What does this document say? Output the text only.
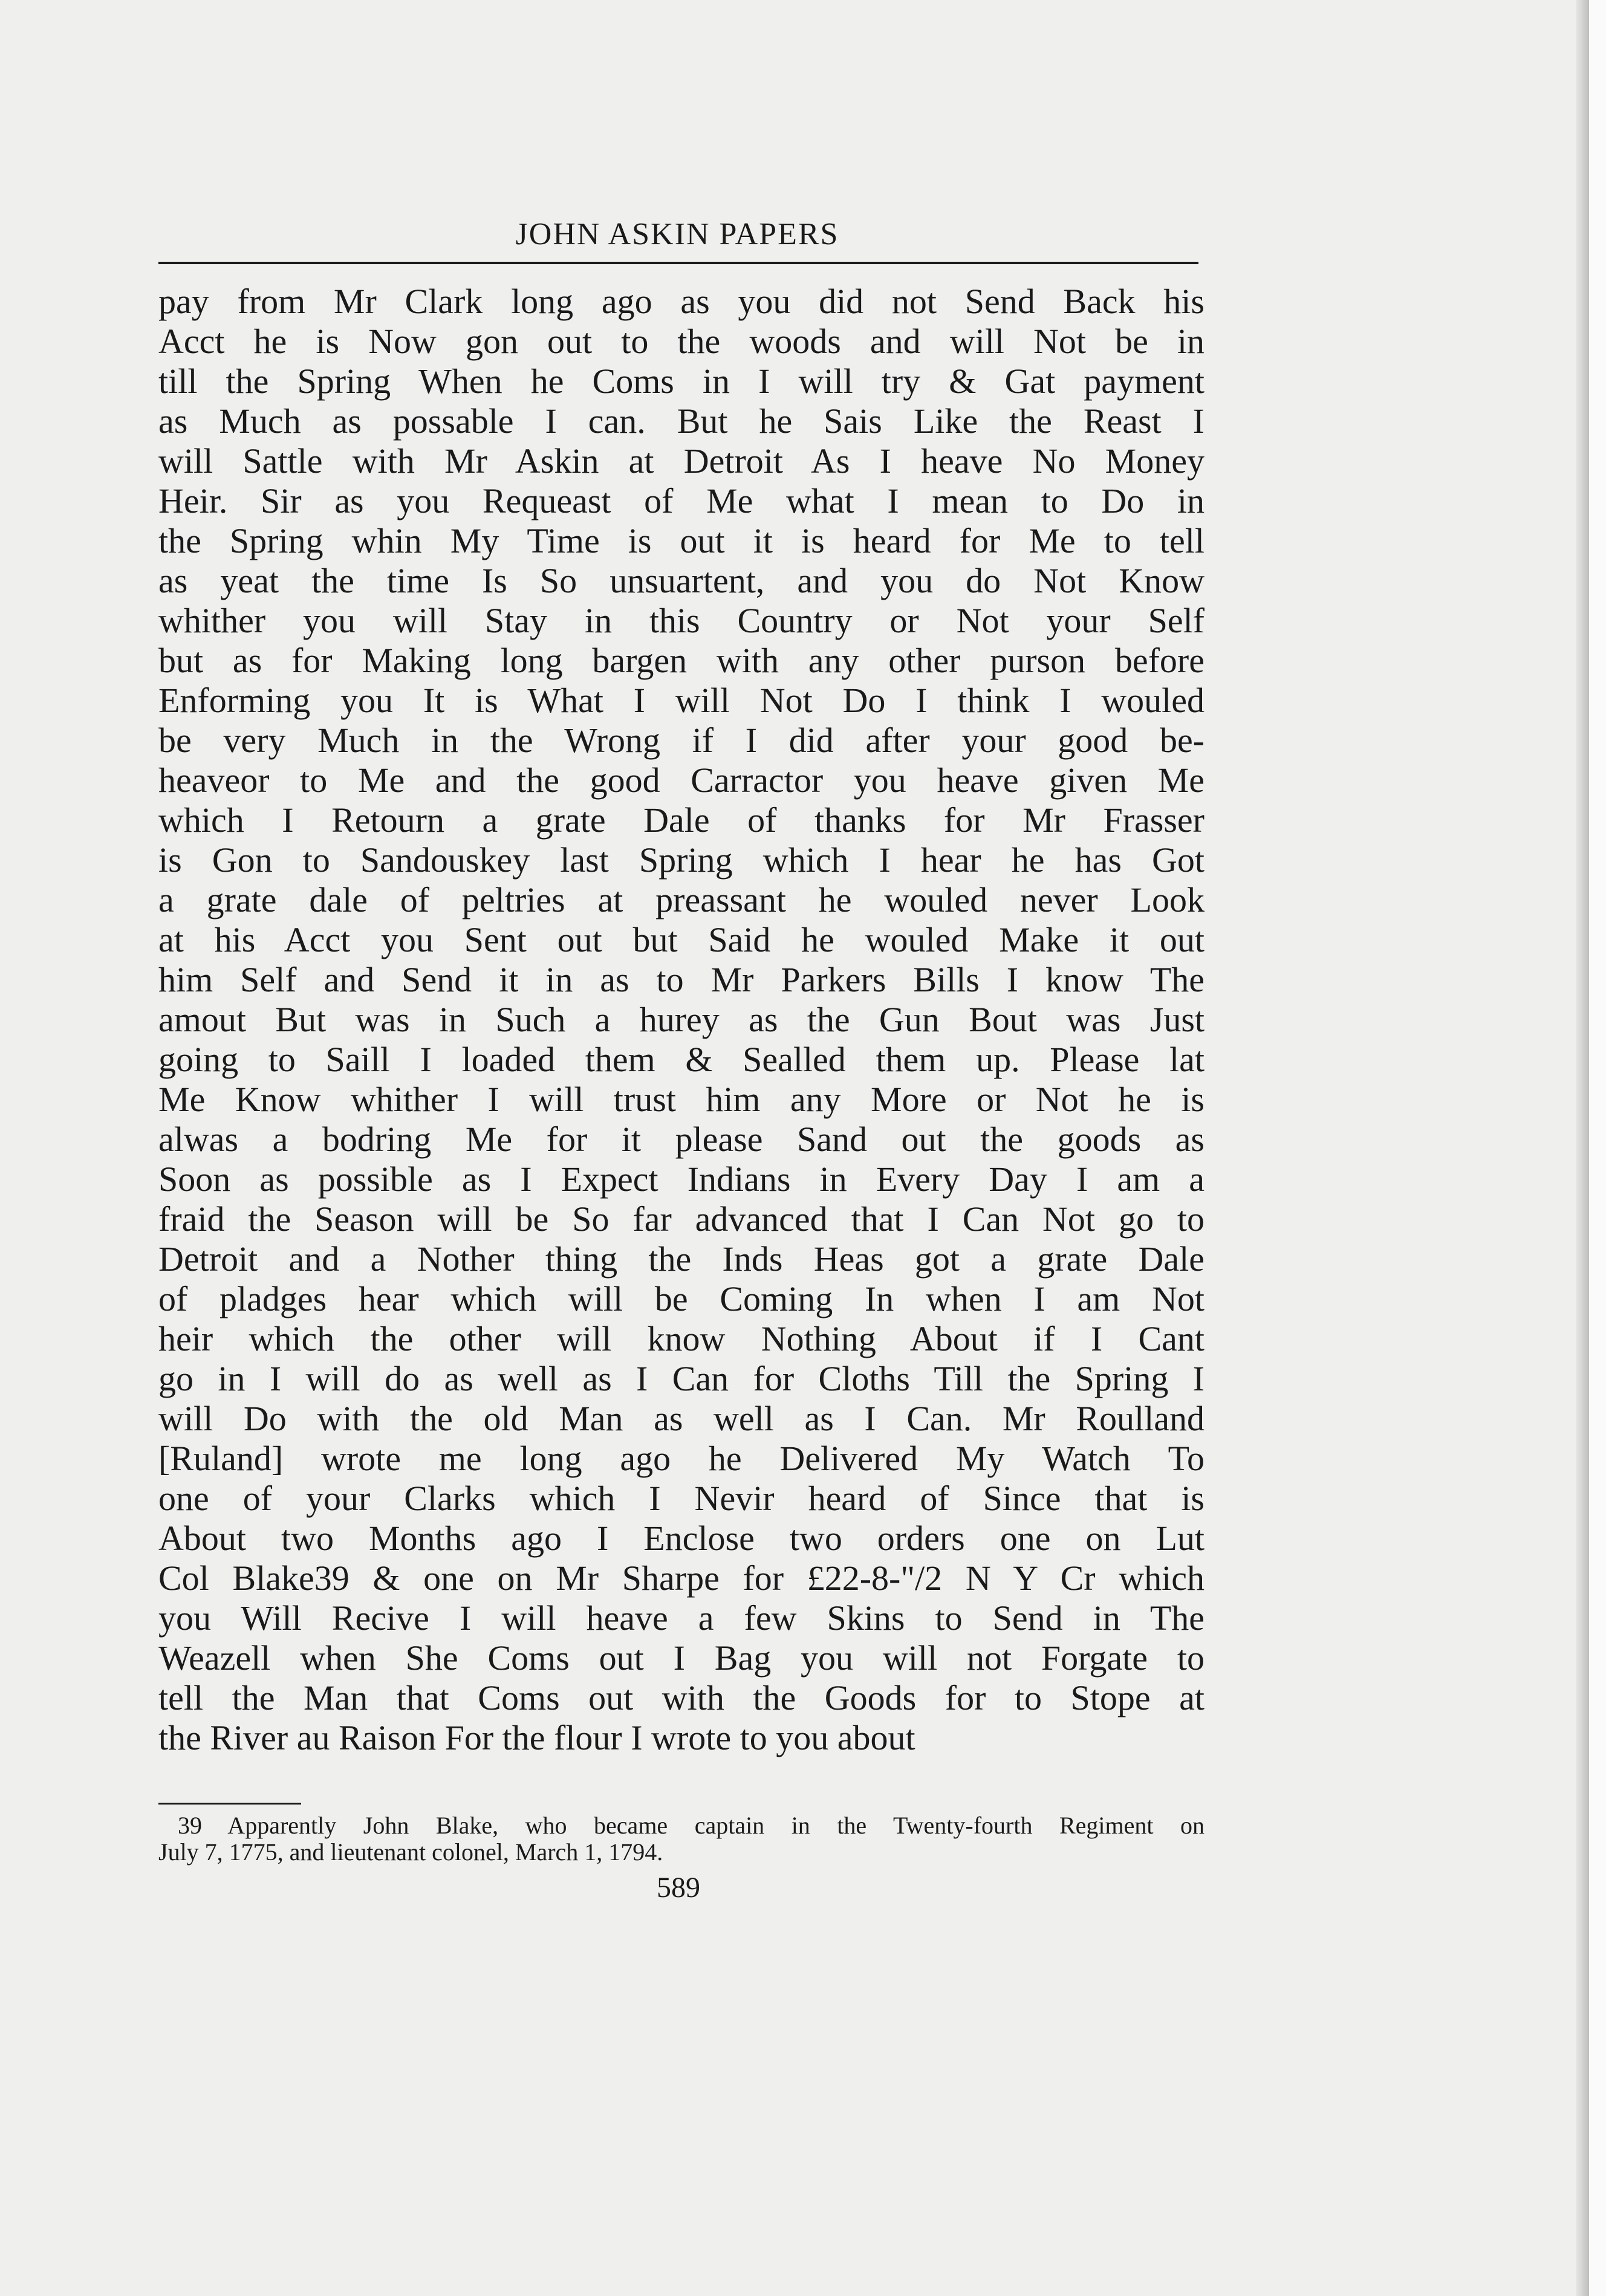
JOHN ASKIN PAPERS
pay from Mr Clark long ago as you did not Send Back his
Acct he is Now gon out to the woods and will Not be in
till the Spring When he Coms in I will try & Gat payment
as Much as possable I can. But he Sais Like the Reast I
will Sattle with Mr Askin at Detroit As I heave No Money
Heir. Sir as you Requeast of Me what I mean to Do in
the Spring whin My Time is out it is heard for Me to tell
as yeat the time Is So unsuartent, and you do Not Know
whither you will Stay in this Country or Not your Self
but as for Making long bargen with any other purson before
Enforming you It is What I will Not Do I think I wouled
be very Much in the Wrong if I did after your good be-
heaveor to Me and the good Carractor you heave given Me
which I Retourn a grate Dale of thanks for Mr Frasser
is Gon to Sandouskey last Spring which I hear he has Got
a grate dale of peltries at preassant he wouled never Look
at his Acct you Sent out but Said he wouled Make it out
him Self and Send it in as to Mr Parkers Bills I know The
amout But was in Such a hurey as the Gun Bout was Just
going to Saill I loaded them & Sealled them up. Please lat
Me Know whither I will trust him any More or Not he is
alwas a bodring Me for it please Sand out the goods as
Soon as possible as I Expect Indians in Every Day I am a
fraid the Season will be So far advanced that I Can Not go to
Detroit and a Nother thing the Inds Heas got a grate Dale
of pladges hear which will be Coming In when I am Not
heir which the other will know Nothing About if I Cant
go in I will do as well as I Can for Cloths Till the Spring I
will Do with the old Man as well as I Can. Mr Roulland
[Ruland] wrote me long ago he Delivered My Watch To
one of your Clarks which I Nevir heard of Since that is
About two Months ago I Enclose two orders one on Lut
Col Blake39 & one on Mr Sharpe for £22-8-"/2 N Y Cr which
you Will Recive I will heave a few Skins to Send in The
Weazell when She Coms out I Bag you will not Forgate to
tell the Man that Coms out with the Goods for to Stope at
the River au Raison For the flour I wrote to you about
39 Apparently John Blake, who became captain in the Twenty-fourth Regiment on
July 7, 1775, and lieutenant colonel, March 1, 1794.
589
